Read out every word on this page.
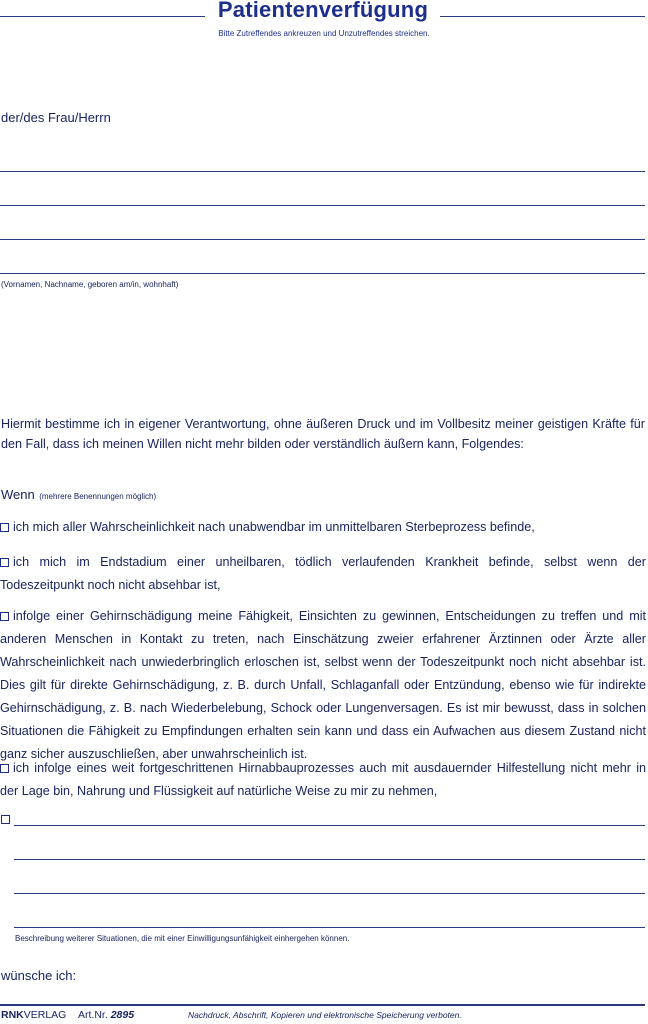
Patientenverfügung
Bitte Zutreffendes ankreuzen und Unzutreffendes streichen.
der/des Frau/Herrn
(Vornamen, Nachname, geboren am/in, wohnhaft)
Hiermit bestimme ich in eigener Verantwortung, ohne äußeren Druck und im Vollbesitz meiner geistigen Kräfte für den Fall, dass ich meinen Willen nicht mehr bilden oder verständlich äußern kann, Folgendes:
Wenn (mehrere Benennungen möglich)
ich mich aller Wahrscheinlichkeit nach unabwendbar im unmittelbaren Sterbeprozess befinde,
ich mich im Endstadium einer unheilbaren, tödlich verlaufenden Krankheit befinde, selbst wenn der Todeszeitpunkt noch nicht absehbar ist,
infolge einer Gehirnschädigung meine Fähigkeit, Einsichten zu gewinnen, Entscheidungen zu treffen und mit anderen Menschen in Kontakt zu treten, nach Einschätzung zweier erfahrener Ärztinnen oder Ärzte aller Wahrscheinlichkeit nach unwiederbringlich erloschen ist, selbst wenn der Todeszeitpunkt noch nicht absehbar ist. Dies gilt für direkte Gehirnschädigung, z. B. durch Unfall, Schlaganfall oder Entzündung, ebenso wie für indirekte Gehirnschädigung, z. B. nach Wiederbelebung, Schock oder Lungenversagen. Es ist mir bewusst, dass in solchen Situationen die Fähigkeit zu Empfindungen erhalten sein kann und dass ein Aufwachen aus diesem Zustand nicht ganz sicher auszuschließen, aber unwahrscheinlich ist.
ich infolge eines weit fortgeschrittenen Hirnabbauprozesses auch mit ausdauernder Hilfestellung nicht mehr in der Lage bin, Nahrung und Flüssigkeit auf natürliche Weise zu mir zu nehmen,
Beschreibung weiterer Situationen, die mit einer Einwilligungsunfähigkeit einhergehen können.
wünsche ich:
RNKVERLAG Art.Nr. 2895	Nachdruck, Abschrift, Kopieren und elektronische Speicherung verboten.
